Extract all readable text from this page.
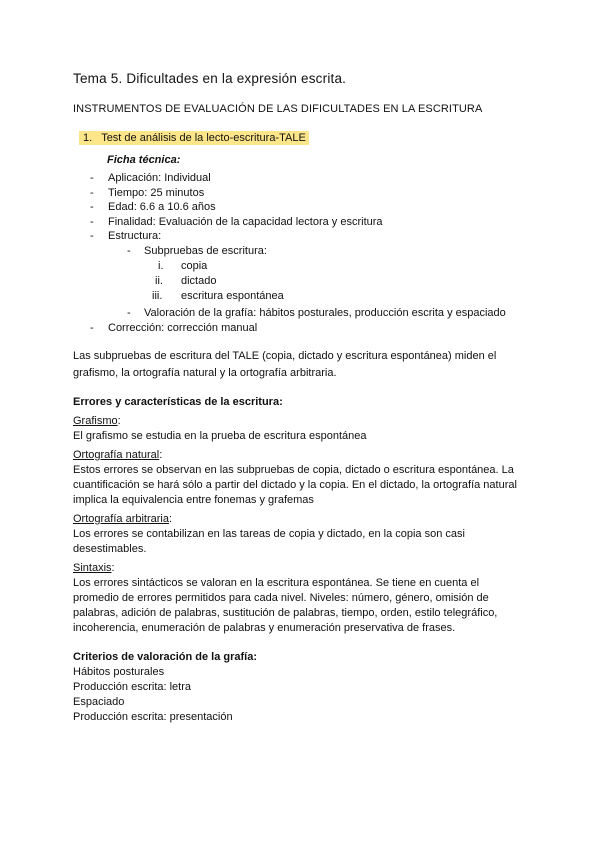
Tema 5. Dificultades en la expresión escrita.
INSTRUMENTOS DE EVALUACIÓN DE LAS DIFICULTADES EN LA ESCRITURA
1. Test de análisis de la lecto-escritura-TALE
Ficha técnica:
- Aplicación: Individual
- Tiempo: 25 minutos
- Edad: 6.6 a 10.6 años
- Finalidad: Evaluación de la capacidad lectora y escritura
- Estructura:
- Subpruebas de escritura:
i. copia
ii. dictado
iii. escritura espontánea
- Valoración de la grafía: hábitos posturales, producción escrita y espaciado
- Corrección: corrección manual
Las subpruebas de escritura del TALE (copia, dictado y escritura espontánea) miden el
grafismo, la ortografía natural y la ortografía arbitraria.
Errores y características de la escritura:
Grafismo:
El grafismo se estudia en la prueba de escritura espontánea
Ortografía natural:
Estos errores se observan en las subpruebas de copia, dictado o escritura espontánea. La
cuantificación se hará sólo a partir del dictado y la copia. En el dictado, la ortografía natural
implica la equivalencia entre fonemas y grafemas
Ortografía arbitraria:
Los errores se contabilizan en las tareas de copia y dictado, en la copia son casi
desestimables.
Sintaxis:
Los errores sintácticos se valoran en la escritura espontánea. Se tiene en cuenta el
promedio de errores permitidos para cada nivel. Niveles: número, género, omisión de
palabras, adición de palabras, sustitución de palabras, tiempo, orden, estilo telegráfico,
incoherencia, enumeración de palabras y enumeración preservativa de frases.
Criterios de valoración de la grafía:
Hábitos posturales
Producción escrita: letra
Espaciado
Producción escrita: presentación
